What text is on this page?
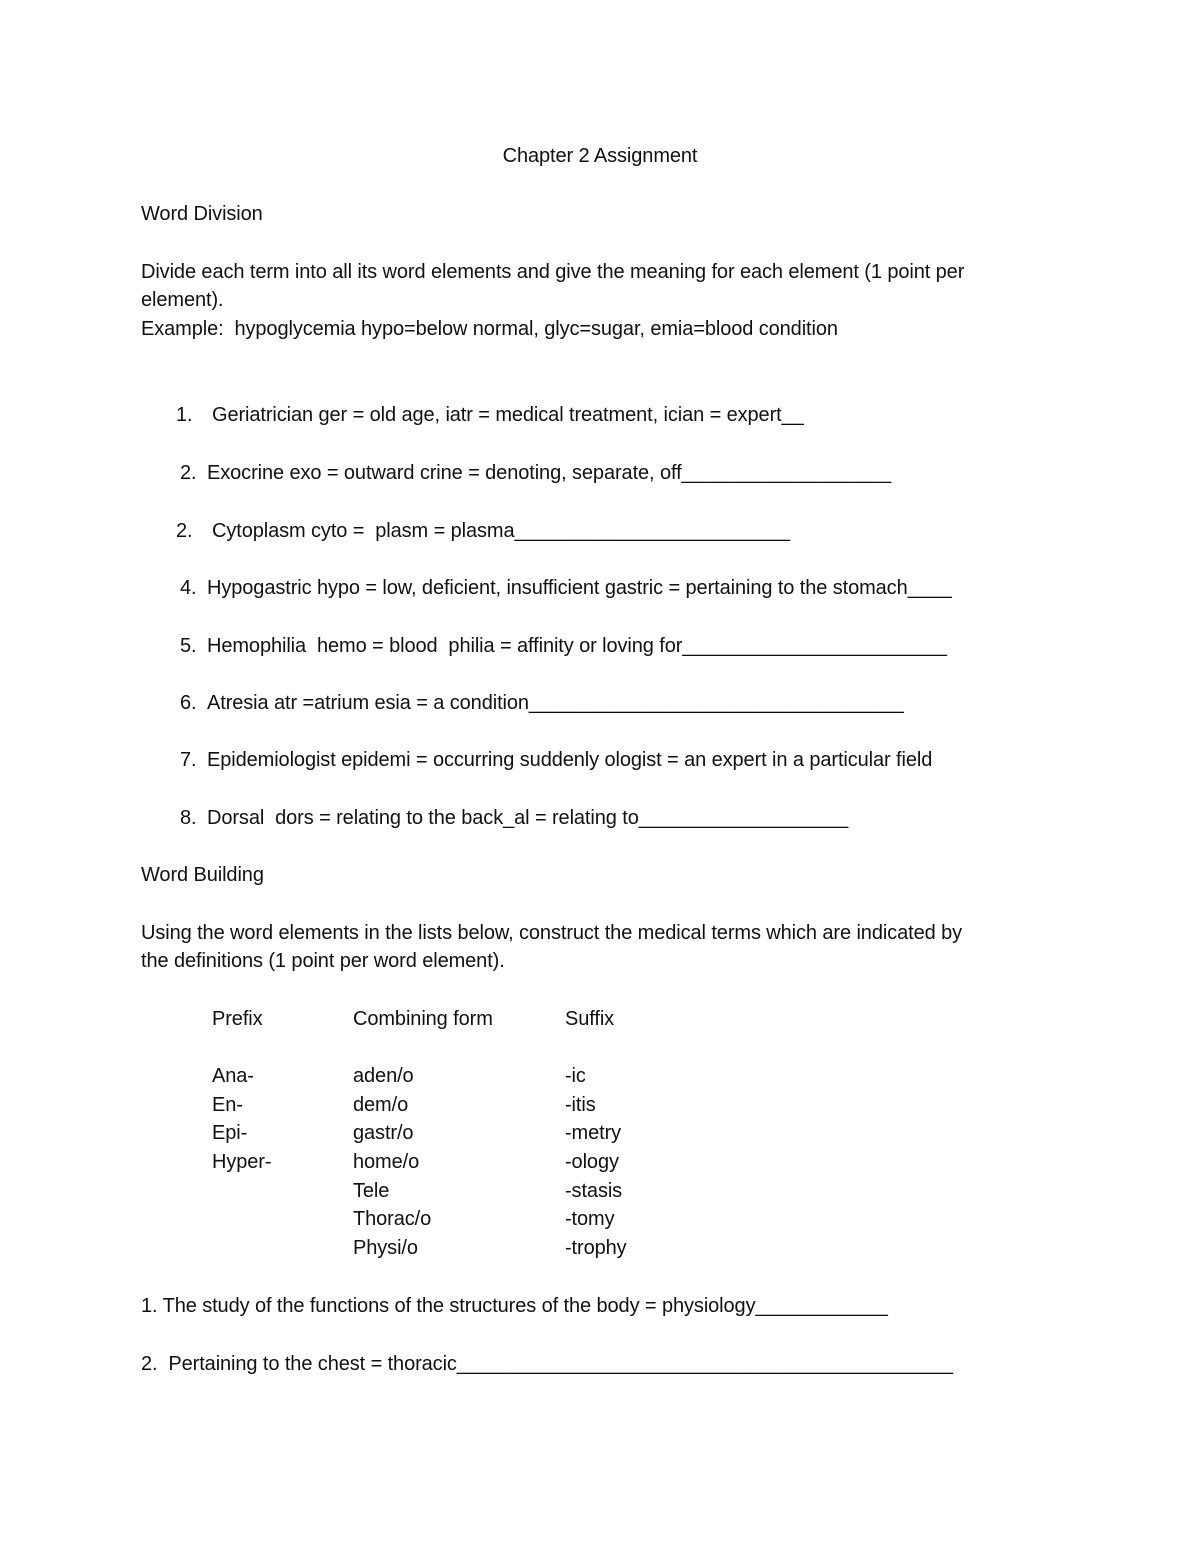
Chapter 2 Assignment
Word Division
Divide each term into all its word elements and give the meaning for each element (1 point per
element).
Example:  hypoglycemia hypo=below normal, glyc=sugar, emia=blood condition
1. Geriatrician ger = old age, iatr = medical treatment, ician = expert__
2. Exocrine exo = outward crine = denoting, separate, off___________________
2. Cytoplasm cyto =  plasm = plasma_________________________
4. Hypogastric hypo = low, deficient, insufficient gastric = pertaining to the stomach____
5. Hemophilia  hemo = blood  philia = affinity or loving for________________________
6. Atresia atr =atrium esia = a condition__________________________________
7. Epidemiologist epidemi = occurring suddenly ologist = an expert in a particular field
8. Dorsal  dors = relating to the back_al = relating to___________________
Word Building
Using the word elements in the lists below, construct the medical terms which are indicated by
the definitions (1 point per word element).
Prefix	Combining form	Suffix
Ana-
En-
Epi-
Hyper-
aden/o
dem/o
gastr/o
home/o
Tele
Thorac/o
Physi/o
-ic
-itis
-metry
-ology
-stasis
-tomy
-trophy
1. The study of the functions of the structures of the body = physiology____________
2.  Pertaining to the chest = thoracic_____________________________________________
